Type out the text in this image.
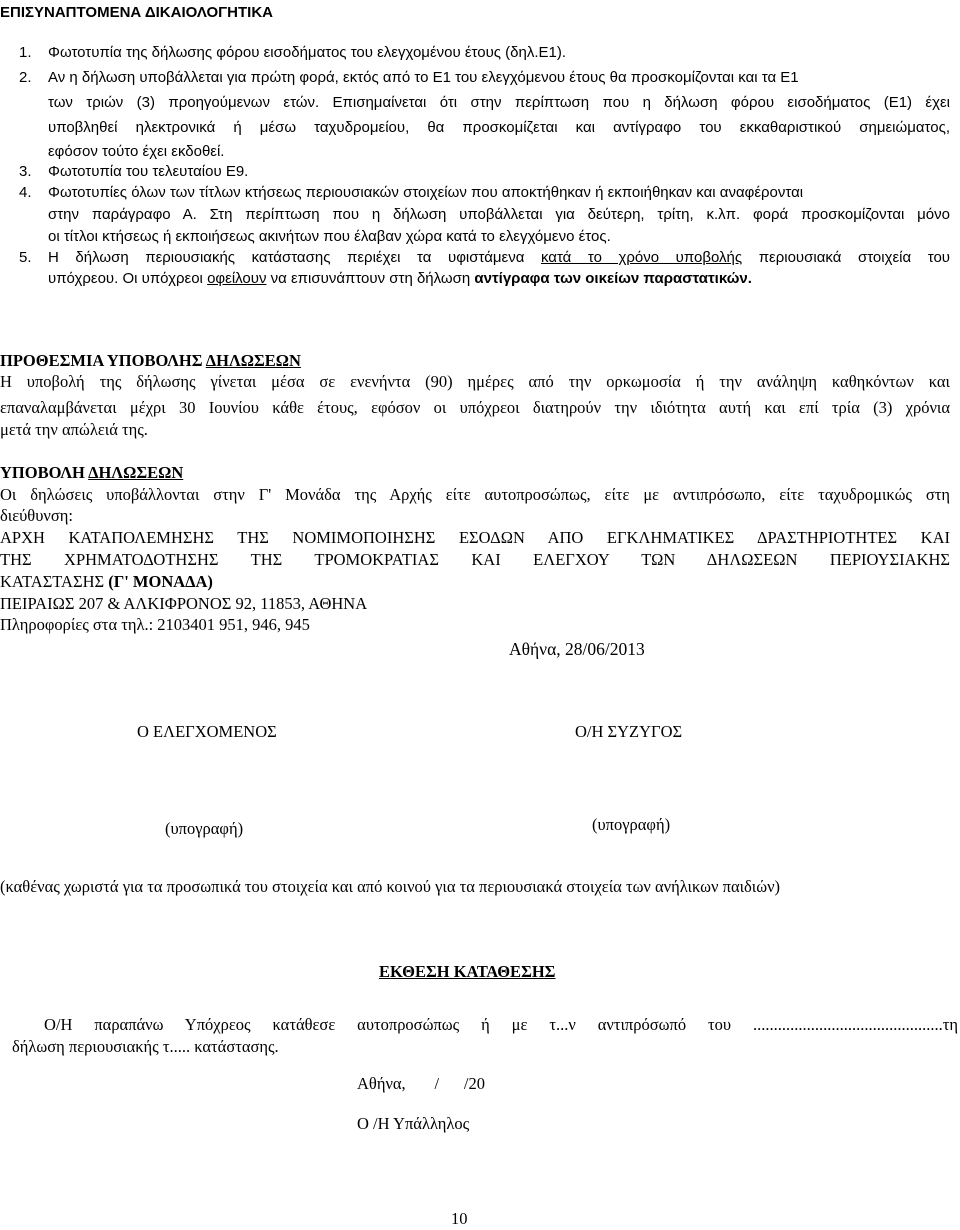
ΕΠΙΣΥΝΑΠΤΟΜΕΝΑ ΔΙΚΑΙΟΛΟΓΗΤΙΚΑ
1. Φωτοτυπία της δήλωσης φόρου εισοδήματος του ελεγχομένου έτους (δηλ.Ε1).
2. Αν η δήλωση υποβάλλεται για πρώτη φορά, εκτός από το Ε1 του ελεγχόμενου έτους θα προσκομίζονται και τα Ε1
των τριών (3) προηγούμενων ετών. Επισημαίνεται ότι στην περίπτωση που η δήλωση φόρου εισοδήματος (Ε1) έχει
υποβληθεί ηλεκτρονικά ή μέσω ταχυδρομείου, θα προσκομίζεται και αντίγραφο του εκκαθαριστικού σημειώματος,
εφόσον τούτο έχει εκδοθεί.
3. Φωτοτυπία του τελευταίου Ε9.
4. Φωτοτυπίες όλων των τίτλων κτήσεως περιουσιακών στοιχείων που αποκτήθηκαν ή εκποιήθηκαν και αναφέρονται
στην παράγραφο Α. Στη περίπτωση που η δήλωση υποβάλλεται για δεύτερη, τρίτη, κ.λπ. φορά προσκομίζονται μόνο
οι τίτλοι κτήσεως ή εκποιήσεως ακινήτων που έλαβαν χώρα κατά το ελεγχόμενο έτος.
5. Η δήλωση περιουσιακής κατάστασης περιέχει τα υφιστάμενα κατά το χρόνο υποβολής περιουσιακά στοιχεία του
υπόχρεου. Οι υπόχρεοι οφείλουν να επισυνάπτουν στη δήλωση αντίγραφα των οικείων παραστατικών.
ΠΡΟΘΕΣΜΙΑ ΥΠΟΒΟΛΗΣ ΔΗΛΩΣΕΩΝ
Η υποβολή της δήλωσης γίνεται μέσα σε ενενήντα (90) ημέρες από την ορκωμοσία ή την ανάληψη καθηκόντων και
επαναλαμβάνεται μέχρι 30 Ιουνίου κάθε έτους, εφόσον οι υπόχρεοι διατηρούν την ιδιότητα αυτή και επί τρία (3) χρόνια
μετά την απώλειά της.
ΥΠΟΒΟΛΗ ΔΗΛΩΣΕΩΝ
Οι δηλώσεις υποβάλλονται στην Γ' Μονάδα της Αρχής είτε αυτοπροσώπως, είτε με αντιπρόσωπο, είτε ταχυδρομικώς στη
διεύθυνση:
ΑΡΧΗ ΚΑΤΑΠΟΛΕΜΗΣΗΣ ΤΗΣ ΝΟΜΙΜΟΠΟΙΗΣΗΣ ΕΣΟΔΩΝ ΑΠΟ ΕΓΚΛΗΜΑΤΙΚΕΣ ΔΡΑΣΤΗΡΙΟΤΗΤΕΣ ΚΑΙ
ΤΗΣ ΧΡΗΜΑΤΟΔΟΤΗΣΗΣ ΤΗΣ ΤΡΟΜΟΚΡΑΤΙΑΣ ΚΑΙ ΕΛΕΓΧΟΥ ΤΩΝ ΔΗΛΩΣΕΩΝ ΠΕΡΙΟΥΣΙΑΚΗΣ
ΚΑΤΑΣΤΑΣΗΣ (Γ' ΜΟΝΑΔΑ)
ΠΕΙΡΑΙΩΣ 207 & ΑΛΚΙΦΡΟΝΟΣ 92, 11853, ΑΘΗΝΑ
Πληροφορίες στα τηλ.: 2103401 951, 946, 945
Αθήνα, 28/06/2013
Ο ΕΛΕΓΧΟΜΕΝΟΣ	Ο/Η ΣΥΖΥΓΟΣ
(υπογραφή)	(υπογραφή)
(καθένας χωριστά για τα προσωπικά του στοιχεία και από κοινού για τα περιουσιακά στοιχεία των ανήλικων παιδιών)
ΕΚΘΕΣΗ ΚΑΤΑΘΕΣΗΣ
Ο/Η παραπάνω Υπόχρεος κατάθεσε αυτοπροσώπως ή με τ...ν αντιπρόσωπό του ..............................................τη
δήλωση περιουσιακής τ..... κατάστασης.
Αθήνα,       /      /20
Ο /Η Υπάλληλος
10
